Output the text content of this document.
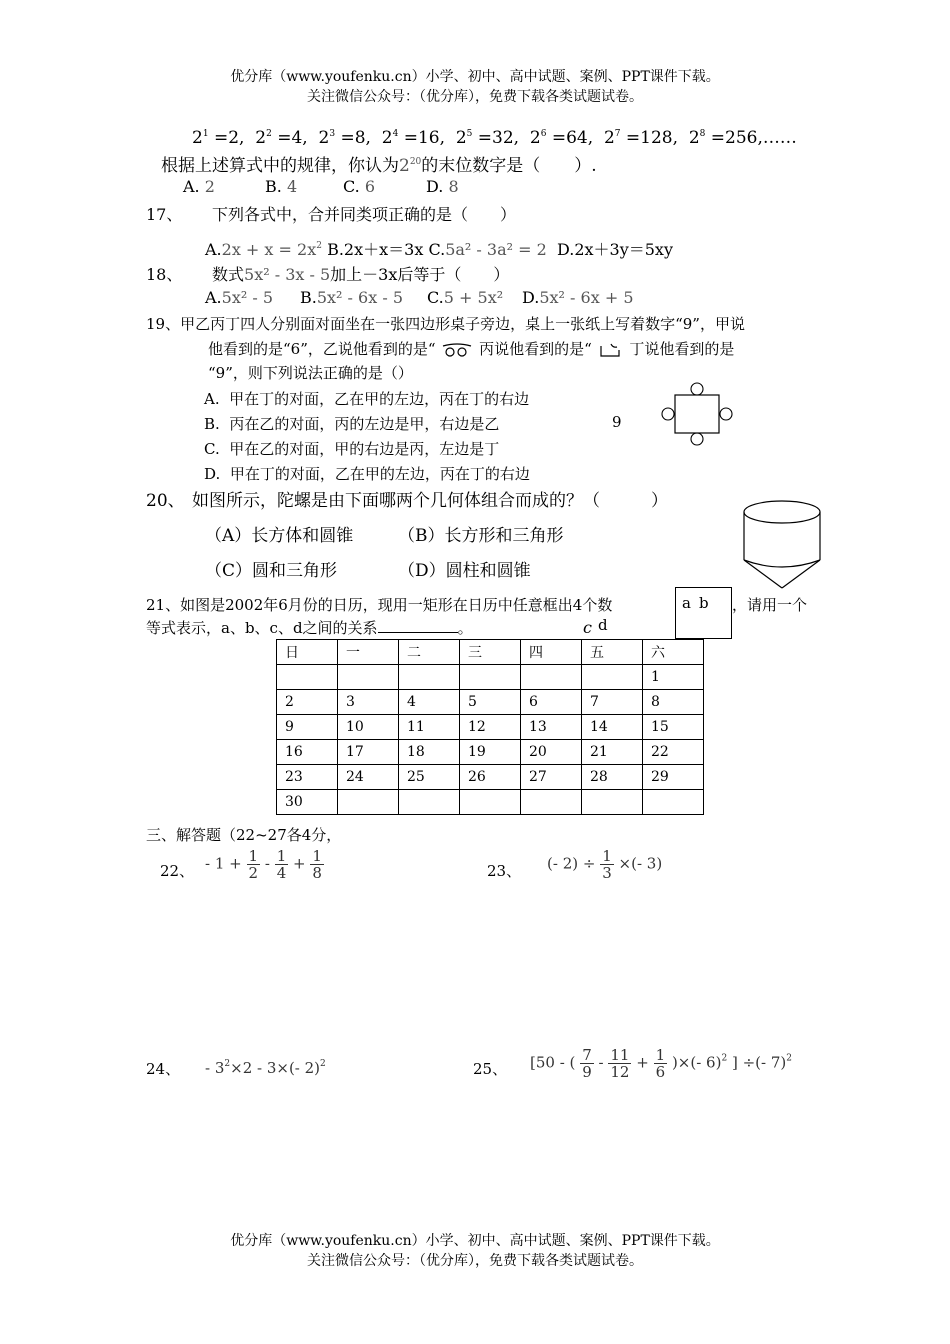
优分库（www.youfenku.cn）小学、初中、高中试题、案例、PPT课件下载。
关注微信公众号：（优分库），免费下载各类试题试卷。
$2^1 =2$, $2^2 =4$, $2^3 =8$, $2^4 =16$, $2^5 =32$, $2^6 =64$, $2^7 =128$, $2^8$ =256,……
根据上述算式中的规律，你认为$2^{20}$的末位数字是（　　）.
A. 2	B. 4	C. 6	D. 8
17、 下列各式中，合并同类项正确的是（　　）
$A.2x + x = 2x^2$ B.2x＋x＝3x C.5a² - 3a² = 2 D.2x＋3y＝5xy
18、 数式5x² - 3x - 5加上－3x后等于（　　）
A.5x² - 5 B.5x² - 6x - 5 C.5 + 5x² D.5x² - 6x + 5
19、甲乙丙丁四人分别面对面坐在一张四边形桌子旁边，桌上一张纸上写着数字“9”，甲说
他看到的是“6”，乙说他看到的是“	丙说他看到的是“	丁说他看到的是
“9”，则下列说法正确的是（）
A. 甲在丁的对面，乙在甲的左边，丙在丁的右边
B. 丙在乙的对面，丙的左边是甲，右边是乙
C. 甲在乙的对面，甲的右边是丙，左边是丁
D. 甲在丁的对面，乙在甲的左边，丙在丁的右边
9
20、 如图所示，陀螺是由下面哪两个几何体组合而成的？（　　　）
（A）长方体和圆锥	（B）长方形和三角形
（C）圆和三角形	（D）圆柱和圆锥
21、如图是2002年6月份的日历，现用一矩形在日历中任意框出4个数	，请用一个
等式表示，a、b、c、d之间的关系	。
a b
c d
日	一	二	三	四	五	六
						1
2	3	4	5	6	7	8
9	10	11	12	13	14	15
16	17	18	19	20	21	22
23	24	25	26	27	28	29
30						
三、解答题（22~27各4分，
22、 - $1 + \frac{1}{2} - \frac{1}{4} + \frac{1}{8}$	23、 (- $2) \div \frac{1}{3}$ ×(- 3)
24、 - $3^2\times 2 - 3\times(-$ 2)$^2$	25、 [50 - ( $\frac{7}{9} - \frac{11}{12} + \frac{1}{6}$ )×(- 6)$^2$ ] ÷(- 7)$^2$
优分库（www.youfenku.cn）小学、初中、高中试题、案例、PPT课件下载。
关注微信公众号：（优分库），免费下载各类试题试卷。
